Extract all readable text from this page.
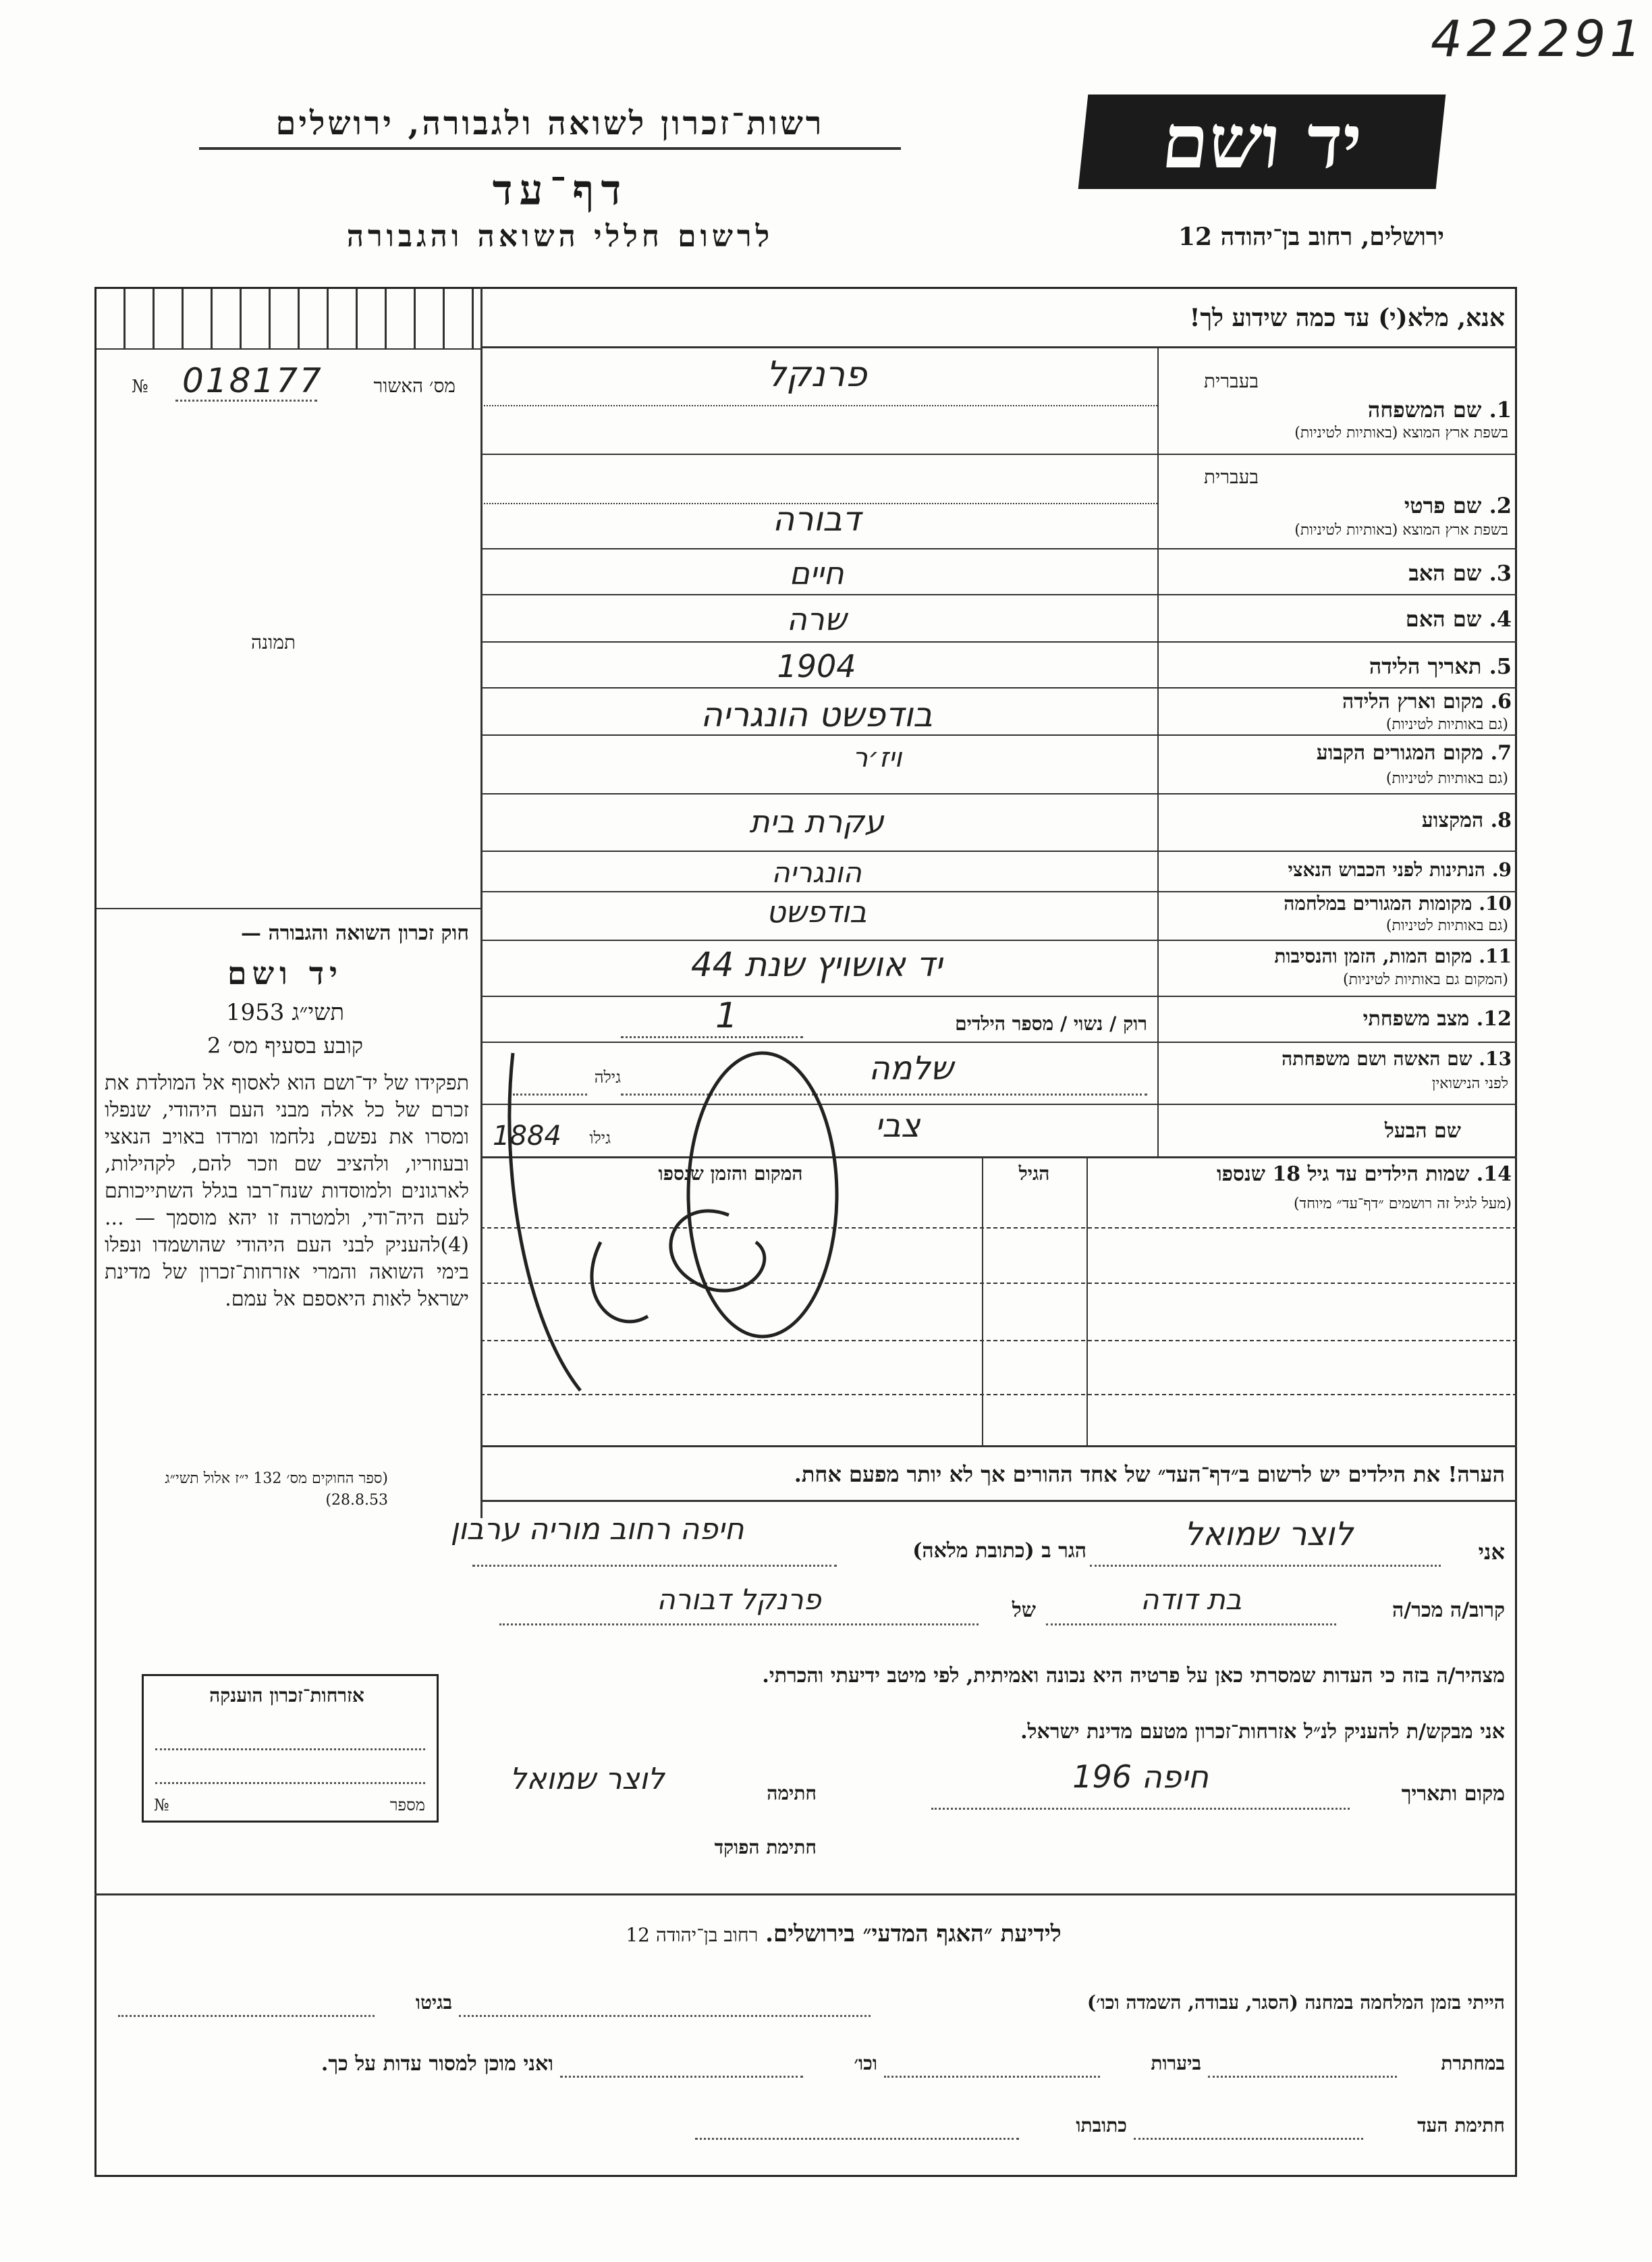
422291
רשות־זכרון לשואה ולגבורה, ירושלים
דף־עד
לרשום חללי השואה והגבורה
יד ושם
ירושלים, רחוב בן־יהודה 12
אנא, מלא(י) עד כמה שידוע לך!
№ 018177	מס׳ האשור
תמונה
חוק זכרון השואה והגבורה —
יד ושם
תשי״ג 1953
קובע בסעיף מס׳ 2
תפקידו של יד־ושם הוא לאסוף אל המולדת את זכרם של כל אלה מבני העם היהודי, שנפלו ומסרו את נפשם, נלחמו ומרדו באויב הנאצי ובעוזריו, ולהציב שם וזכר להם, לקהילות, לארגונים ולמוסדות שנח־רבו בגלל השתייכותם לעם היה־ודי, ולמטרה זו יהא מוסמך — ...(4)להעניק לבני העם היהודי שהושמדו ונפלו בימי השואה והמרי אזרחות־זכרון של מדינת ישראל לאות היאספם אל עמם.
(ספר החוקים מס׳ 132 י״ז אלול תשי״ג 28.8.53)
אזרחות־זכרון הוענקה
№	מספר
בעברית
1. שם המשפחה
בשפת ארץ המוצא (באותיות לטיניות)
בעברית
2. שם פרטי
בשפת ארץ המוצא (באותיות לטיניות)
3. שם האב
4. שם האם
5. תאריך הלידה
6. מקום וארץ הלידה
(גם באותיות לטיניות)
7. מקום המגורים הקבוע
(גם באותיות לטיניות)
8. המקצוע
9. הנתינות לפני הכבוש הנאצי
10. מקומות המגורים במלחמה
(גם באותיות לטיניות)
11. מקום המות, הזמן והנסיבות
(המקום גם באותיות לטיניות)
12. מצב משפחתי
13. שם האשה ושם משפחתה
לפני הנישואין
שם הבעל
פרנקל
דבורה
חיים
שרה
1904
בודפשט הונגריה
ויז׳ר
עקרת בית
הונגריה
בודפשט
יד אושויץ שנת 44
רוק / נשוי / מספר הילדים
1
שלמה
גילה
צבי
גילו
1884
14. שמות הילדים עד גיל 18 שנספו
(מעל לגיל זה רושמים ״דף־עד״ מיוחד)
הגיל
המקום והזמן שנספו
הערה! את הילדים יש לרשום ב״דף־העד״ של אחד ההורים אך לא יותר מפעם אחת.
אני
לוצר שמואל
הגר ב (כתובת מלאה)
חיפה רחוב מוריה ערבון
קרוב/ה מכר/ה
בת דודה
של
פרנקל דבורה
מצהיר/ה בזה כי העדות שמסרתי כאן על פרטיה היא נכונה ואמיתית, לפי מיטב ידיעתי והכרתי.
אני מבקש/ת להעניק לנ״ל אזרחות־זכרון מטעם מדינת ישראל.
מקום ותאריך
חיפה 196
חתימה
לוצר שמואל
חתימת הפוקד
לידיעת ״האגף המדעי״ בירושלים. רחוב בן־יהודה 12
הייתי בזמן המלחמה במחנה (הסגר, עבודה, השמדה וכו׳)
בגיטו
במחתרת
ביערות
וכו׳
ואני מוכן למסור עדות על כך.
חתימת העד
כתובתו
